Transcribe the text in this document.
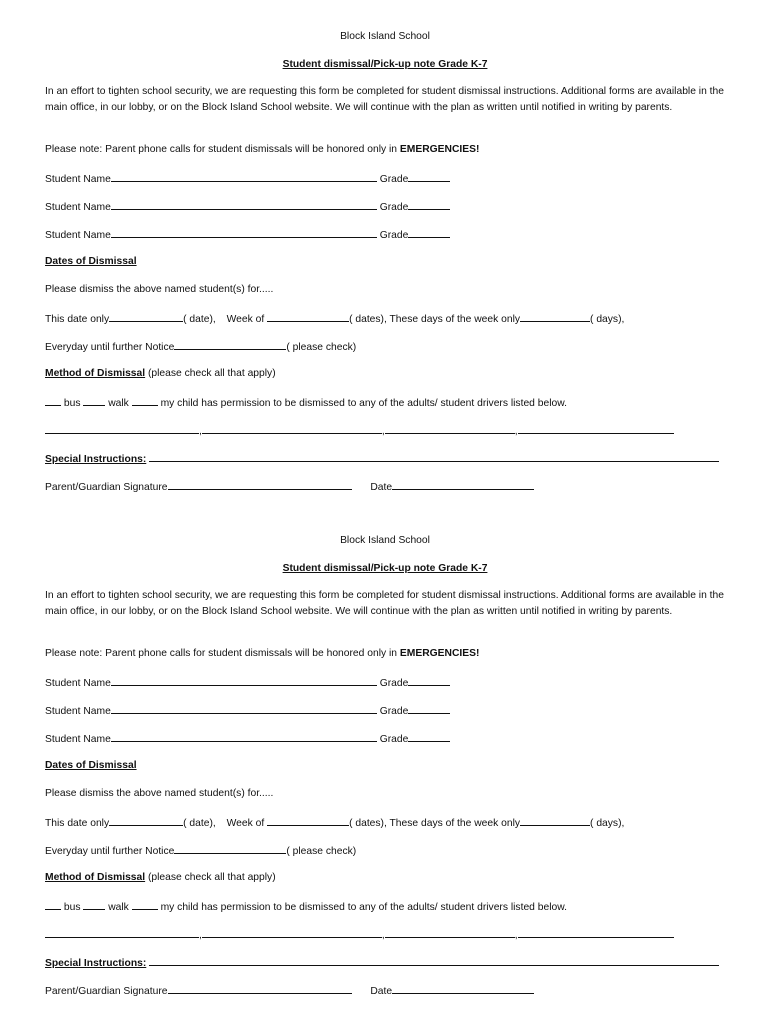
Block Island School
Student dismissal/Pick-up note Grade K-7
In an effort to tighten school security, we are requesting this form be completed for student dismissal instructions. Additional forms are available in the main office, in our lobby, or on the Block Island School website. We will continue with the plan as written until notified in writing by parents.
Please note: Parent phone calls for student dismissals will be honored only in EMERGENCIES!
Student Name	Grade
Student Name	Grade
Student Name	Grade
Dates of Dismissal
Please dismiss the above named student(s) for.....
This date only	( date), Week of	( dates), These days of the week only	( days),
Everyday until further Notice	( please check)
Method of Dismissal (please check all that apply)
bus	walk	my child has permission to be dismissed to any of the adults/ student drivers listed below.
,	,	,
Special Instructions:
Parent/Guardian Signature	Date
Block Island School
Student dismissal/Pick-up note Grade K-7
In an effort to tighten school security, we are requesting this form be completed for student dismissal instructions. Additional forms are available in the main office, in our lobby, or on the Block Island School website. We will continue with the plan as written until notified in writing by parents.
Please note: Parent phone calls for student dismissals will be honored only in EMERGENCIES!
Student Name	Grade
Student Name	Grade
Student Name	Grade
Dates of Dismissal
Please dismiss the above named student(s) for.....
This date only	( date), Week of	( dates), These days of the week only	( days),
Everyday until further Notice	( please check)
Method of Dismissal (please check all that apply)
bus	walk	my child has permission to be dismissed to any of the adults/ student drivers listed below.
,	,	,
Special Instructions:
Parent/Guardian Signature	Date
